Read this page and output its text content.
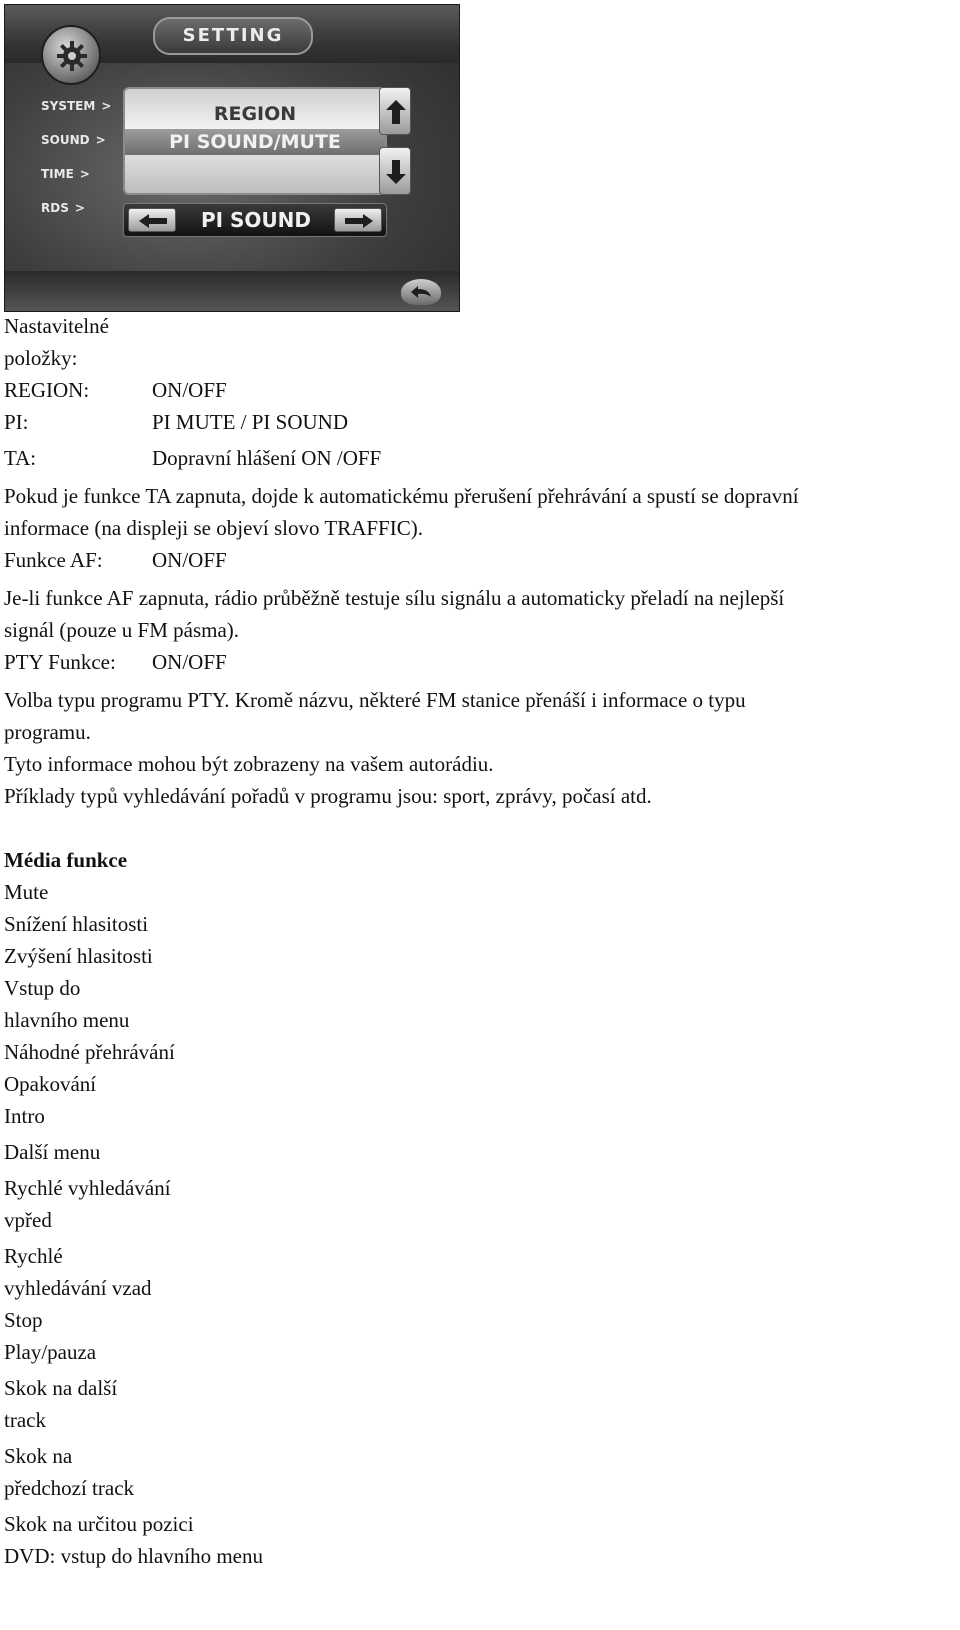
SETTING
SYSTEM >
SOUND >
TIME >
RDS >
REGION
PI SOUND/MUTE
PI SOUND
Nastavitelné
položky:
REGION:	ON/OFF
PI:	PI MUTE / PI SOUND
TA:	Dopravní hlášení ON /OFF
Pokud je funkce TA zapnuta, dojde k automatickému přerušení přehrávání a spustí se dopravní
informace (na displeji se objeví slovo TRAFFIC).
Funkce AF: ON/OFF
Je-li funkce AF zapnuta, rádio průběžně testuje sílu signálu a automaticky přeladí na nejlepší
signál (pouze u FM pásma).
PTY Funkce: ON/OFF
Volba typu programu PTY. Kromě názvu, některé FM stanice přenáší i informace o typu
programu.
Tyto informace mohou být zobrazeny na vašem autorádiu.
Příklady typů vyhledávání pořadů v programu jsou: sport, zprávy, počasí atd.
Média funkce
Mute
Snížení hlasitosti
Zvýšení hlasitosti
Vstup do
hlavního menu
Náhodné přehrávání
Opakování
Intro
Další menu
Rychlé vyhledávání
vpřed
Rychlé
vyhledávání vzad
Stop
Play/pauza
Skok na další
track
Skok na
předchozí track
Skok na určitou pozici
DVD: vstup do hlavního menu
